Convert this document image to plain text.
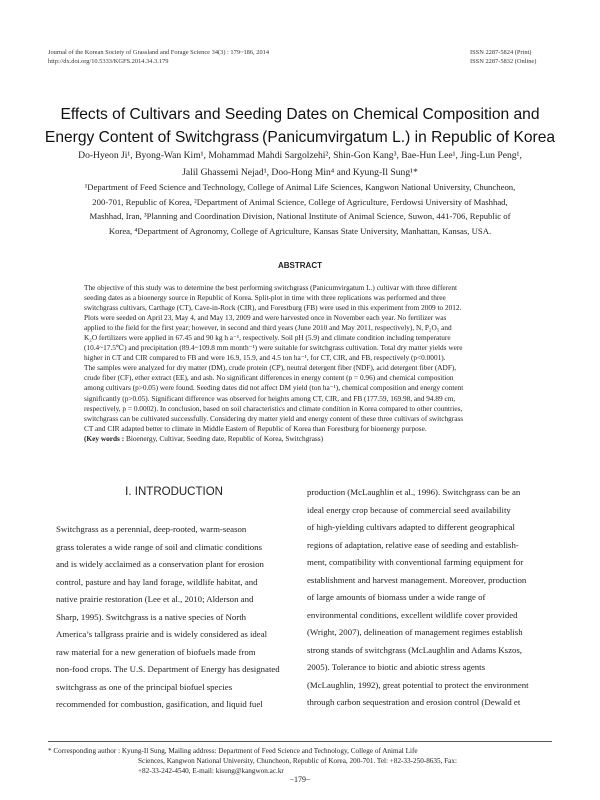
Journal of the Korean Society of Grassland and Forage Science 34(3) : 179~186, 2014
http://dx.doi.org/10.5333/KGFS.2014.34.3.179
ISSN 2287-5824 (Print)
ISSN 2287-5832 (Online)
Effects of Cultivars and Seeding Dates on Chemical Composition and
Energy Content of Switchgrass (Panicumvirgatum L.) in Republic of Korea
Do-Hyeon Ji¹, Byong-Wan Kim¹, Mohammad Mahdi Sargolzehi², Shin-Gon Kang³, Bae-Hun Lee¹, Jing-Lun Peng¹,
Jalil Ghassemi Nejad¹, Doo-Hong Min⁴ and Kyung-Il Sung¹*
¹Department of Feed Science and Technology, College of Animal Life Sciences, Kangwon National University, Chuncheon,
200-701, Republic of Korea, ²Department of Animal Science, College of Agriculture, Ferdowsi University of Mashhad,
Mashhad, Iran, ³Planning and Coordination Division, National Institute of Animal Science, Suwon, 441-706, Republic of
Korea, ⁴Department of Agronomy, College of Agriculture, Kansas State University, Manhattan, Kansas, USA.
ABSTRACT
The objective of this study was to determine the best performing switchgrass (Panicumvirgatum L.) cultivar with three different
seeding dates as a bioenergy source in Republic of Korea. Split-plot in time with three replications was performed and three
switchgrass cultivars, Carthage (CT), Cave-in-Rock (CIR), and Forestburg (FB) were used in this experiment from 2009 to 2012.
Plots were seeded on April 23, May 4, and May 13, 2009 and were harvested once in November each year. No fertilizer was
applied to the field for the first year; however, in second and third years (June 2010 and May 2011, respectively), N, P₂O₅ and
K₂O fertilizers were applied in 67.45 and 90 kg h a⁻¹, respectively. Soil pH (5.9) and climate condition including temperature
(10.4~17.5℃) and precipitation (89.4~109.8 mm month⁻¹) were suitable for switchgrass cultivation. Total dry matter yields were
higher in CT and CIR compared to FB and were 16.9, 15.9, and 4.5 ton ha⁻¹, for CT, CIR, and FB, respectively (p<0.0001).
The samples were analyzed for dry matter (DM), crude protein (CP), neutral detergent fiber (NDF), acid detergent fiber (ADF),
crude fiber (CF), ether extract (EE), and ash. No significant differences in energy content (p = 0.96) and chemical composition
among cultivars (p>0.05) were found. Seeding dates did not affect DM yield (ton ha⁻¹), chemical composition and energy content
significantly (p>0.05). Significant difference was observed for heights among CT, CIR, and FB (177.59, 169.98, and 94.89 cm,
respectively, p = 0.0002). In conclusion, based on soil characteristics and climate condition in Korea compared to other countries,
switchgrass can be cultivated successfully. Considering dry matter yield and energy content of these three cultivars of switchgrass
CT and CIR adapted better to climate in Middle Eastern of Republic of Korea than Forestburg for bioenergy purpose.
(Key words : Bioenergy, Cultivar, Seeding date, Republic of Korea, Switchgrass)
Ⅰ. INTRODUCTION
Switchgrass as a perennial, deep-rooted, warm-season
grass tolerates a wide range of soil and climatic conditions
and is widely acclaimed as a conservation plant for erosion
control, pasture and hay land forage, wildlife habitat, and
native prairie restoration (Lee et al., 2010; Alderson and
Sharp, 1995). Switchgrass is a native species of North
America’s tallgrass prairie and is widely considered as ideal
raw material for a new generation of biofuels made from
non-food crops. The U.S. Department of Energy has designated
switchgrass as one of the principal biofuel species
recommended for combustion, gasification, and liquid fuel
production (McLaughlin et al., 1996). Switchgrass can be an
ideal energy crop because of commercial seed availability
of high-yielding cultivars adapted to different geographical
regions of adaptation, relative ease of seeding and establish-
ment, compatibility with conventional farming equipment for
establishment and harvest management. Moreover, production
of large amounts of biomass under a wide range of
environmental conditions, excellent wildlife cover provided
(Wright, 2007), delineation of management regimes establish
strong stands of switchgrass (McLaughlin and Adams Kszos,
2005). Tolerance to biotic and abiotic stress agents
(McLaughlin, 1992), great potential to protect the environment
through carbon sequestration and erosion control (Dewald et
* Corresponding author : Kyung-Il Sung, Mailing address: Department of Feed Science and Technology, College of Animal Life
Sciences, Kangwon National University, Chuncheon, Republic of Korea, 200-701. Tel: +82-33-250-8635, Fax:
+82-33-242-4540, E-mail: kisung@kangwon.ac.kr
−179−
